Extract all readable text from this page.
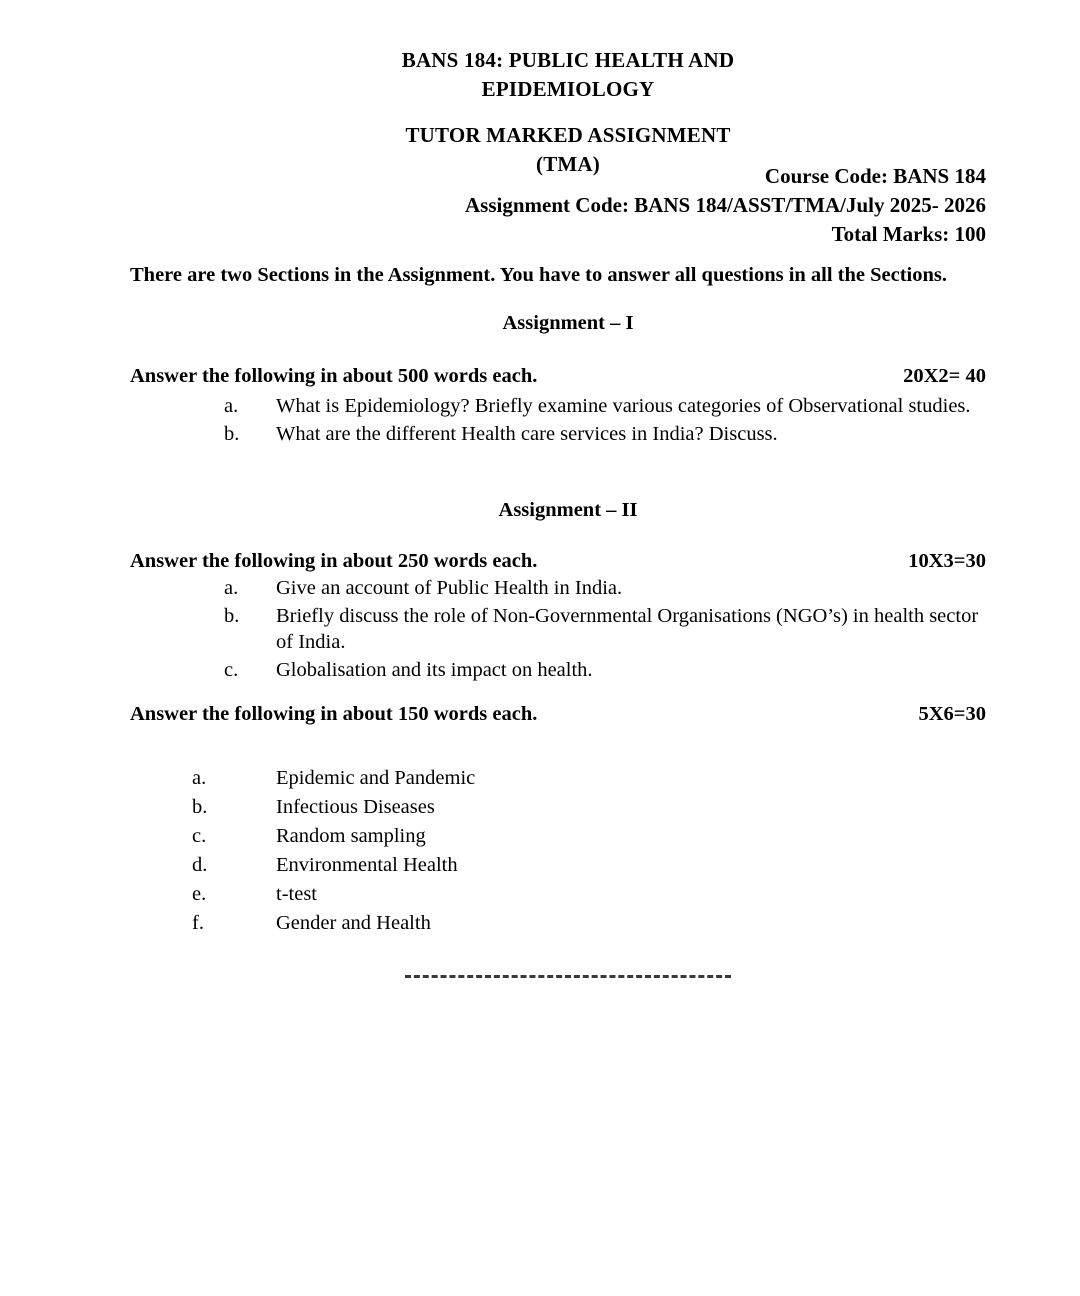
BANS 184: PUBLIC HEALTH AND
EPIDEMIOLOGY
TUTOR MARKED ASSIGNMENT
(TMA)	Course Code: BANS 184
Assignment Code: BANS 184/ASST/TMA/July 2025- 2026
Total Marks: 100
There are two Sections in the Assignment. You have to answer all questions in all the Sections.
Assignment – I
Answer the following in about 500 words each.	20X2= 40
a.	What is Epidemiology? Briefly examine various categories of Observational studies.
b.	What are the different Health care services in India? Discuss.
Assignment – II
Answer the following in about 250 words each.	10X3=30
a.	Give an account of Public Health in India.
b.	Briefly discuss the role of Non-Governmental Organisations (NGO’s) in health sector of India.
c.	Globalisation and its impact on health.
Answer the following in about 150 words each.	5X6=30
a.	Epidemic and Pandemic
b.	Infectious Diseases
c.	Random sampling
d.	Environmental Health
e.	t-test
f.	Gender and Health
